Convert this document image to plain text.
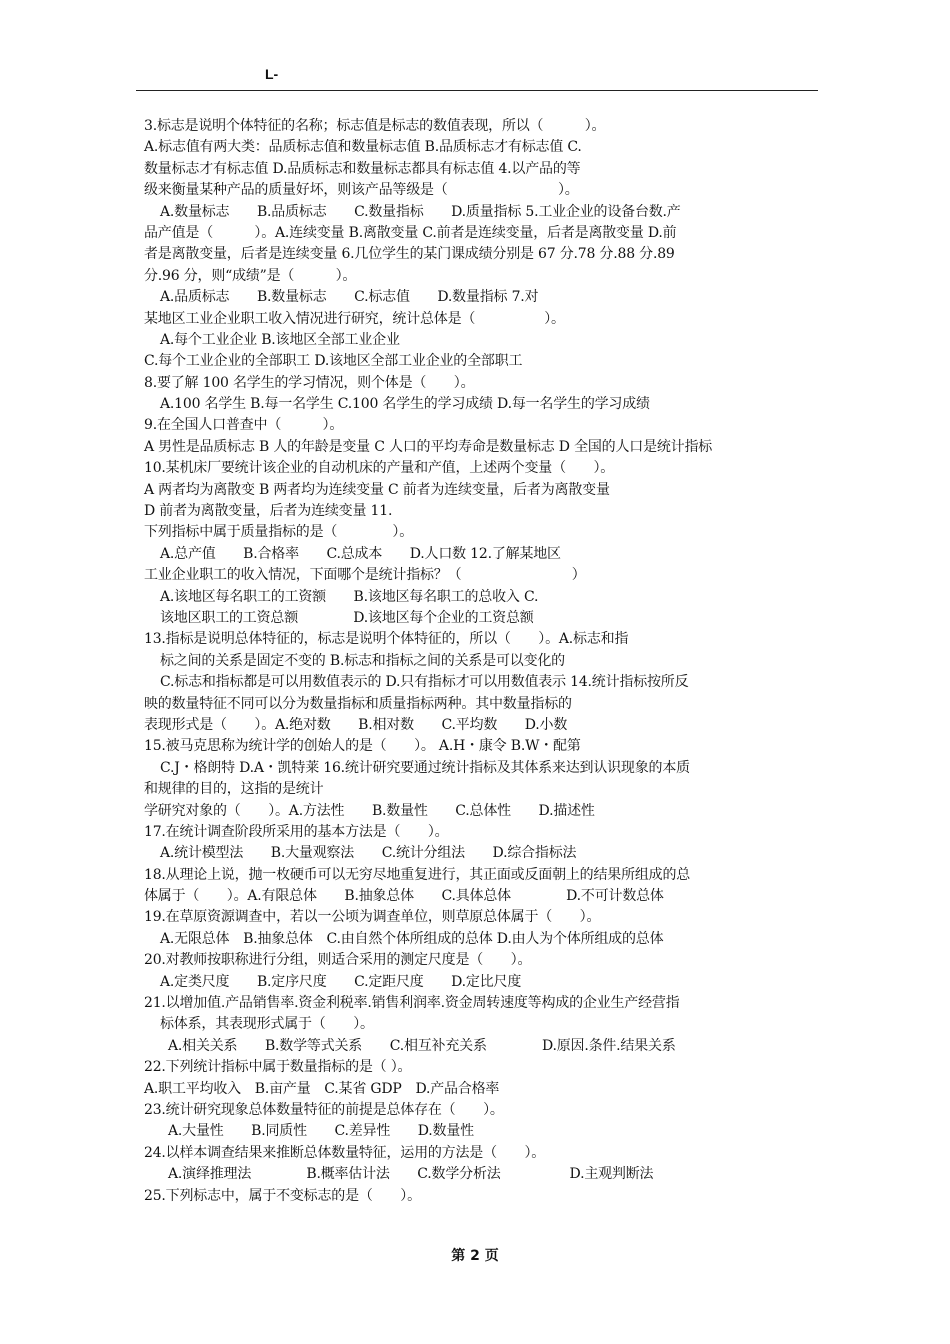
L-
3.标志是说明个体特征的名称；标志值是标志的数值表现，所以（　　　）。
A.标志值有两大类：品质标志值和数量标志值 B.品质标志才有标志值 C.
数量标志才有标志值 D.品质标志和数量标志都具有标志值 4.以产品的等
级来衡量某种产品的质量好坏，则该产品等级是（　　　　　　　　）。
A.数量标志　　B.品质标志　　C.数量指标　　D.质量指标 5.工业企业的设备台数.产
品产值是（　　　）。A.连续变量 B.离散变量 C.前者是连续变量，后者是离散变量 D.前
者是离散变量，后者是连续变量 6.几位学生的某门课成绩分别是 67 分.78 分.88 分.89
分.96 分，则“成绩”是（　　　）。
A.品质标志　　B.数量标志　　C.标志值　　D.数量指标 7.对
某地区工业企业职工收入情况进行研究，统计总体是（　　　　　）。
A.每个工业企业 B.该地区全部工业企业
C.每个工业企业的全部职工 D.该地区全部工业企业的全部职工
8.要了解 100 名学生的学习情况，则个体是（　　）。
A.100 名学生 B.每一名学生 C.100 名学生的学习成绩 D.每一名学生的学习成绩
9.在全国人口普查中（　　　）。
A 男性是品质标志 B 人的年龄是变量 C 人口的平均寿命是数量标志 D 全国的人口是统计指标
10.某机床厂要统计该企业的自动机床的产量和产值，上述两个变量（　　）。
A 两者均为离散变 B 两者均为连续变量 C 前者为连续变量，后者为离散变量
D 前者为离散变量，后者为连续变量 11.
下列指标中属于质量指标的是（　　　　）。
A.总产值　　B.合格率　　C.总成本　　D.人口数 12.了解某地区
工业企业职工的收入情况，下面哪个是统计指标？（　　　　　　　　）
A.该地区每名职工的工资额　　B.该地区每名职工的总收入 C.
该地区职工的工资总额　　　　D.该地区每个企业的工资总额
13.指标是说明总体特征的，标志是说明个体特征的，所以（　　）。A.标志和指
标之间的关系是固定不变的 B.标志和指标之间的关系是可以变化的
C.标志和指标都是可以用数值表示的 D.只有指标才可以用数值表示 14.统计指标按所反
映的数量特征不同可以分为数量指标和质量指标两种。其中数量指标的
表现形式是（　　）。A.绝对数　　B.相对数　　C.平均数　　D.小数
15.被马克思称为统计学的创始人的是（　　）。 A.H・康令 B.W・配第
C.J・格朗特 D.A・凯特莱 16.统计研究要通过统计指标及其体系来达到认识现象的本质
和规律的目的，这指的是统计
学研究对象的（　　）。A.方法性　　B.数量性　　C.总体性　　D.描述性
17.在统计调查阶段所采用的基本方法是（　　）。
A.统计模型法　　B.大量观察法　　C.统计分组法　　D.综合指标法
18.从理论上说，抛一枚硬币可以无穷尽地重复进行，其正面或反面朝上的结果所组成的总
体属于（　　）。A.有限总体　　B.抽象总体　　C.具体总体　　　　D.不可计数总体
19.在草原资源调查中，若以一公顷为调查单位，则草原总体属于（　　）。
A.无限总体　B.抽象总体　C.由自然个体所组成的总体 D.由人为个体所组成的总体
20.对教师按职称进行分组，则适合采用的测定尺度是（　　）。
A.定类尺度　　B.定序尺度　　C.定距尺度　　D.定比尺度
21.以增加值.产品销售率.资金利税率.销售利润率.资金周转速度等构成的企业生产经营指
标体系，其表现形式属于（　　）。
A.相关关系　　B.数学等式关系　　C.相互补充关系　　　　D.原因.条件.结果关系
22.下列统计指标中属于数量指标的是（ ）。
A.职工平均收入　B.亩产量　C.某省 GDP　D.产品合格率
23.统计研究现象总体数量特征的前提是总体存在（　　）。
A.大量性　　B.同质性　　C.差异性　　D.数量性
24.以样本调查结果来推断总体数量特征，运用的方法是（　　）。
A.演绎推理法　　　　B.概率估计法　　C.数学分析法　　　　　D.主观判断法
25.下列标志中，属于不变标志的是（　　）。
第 2 页
